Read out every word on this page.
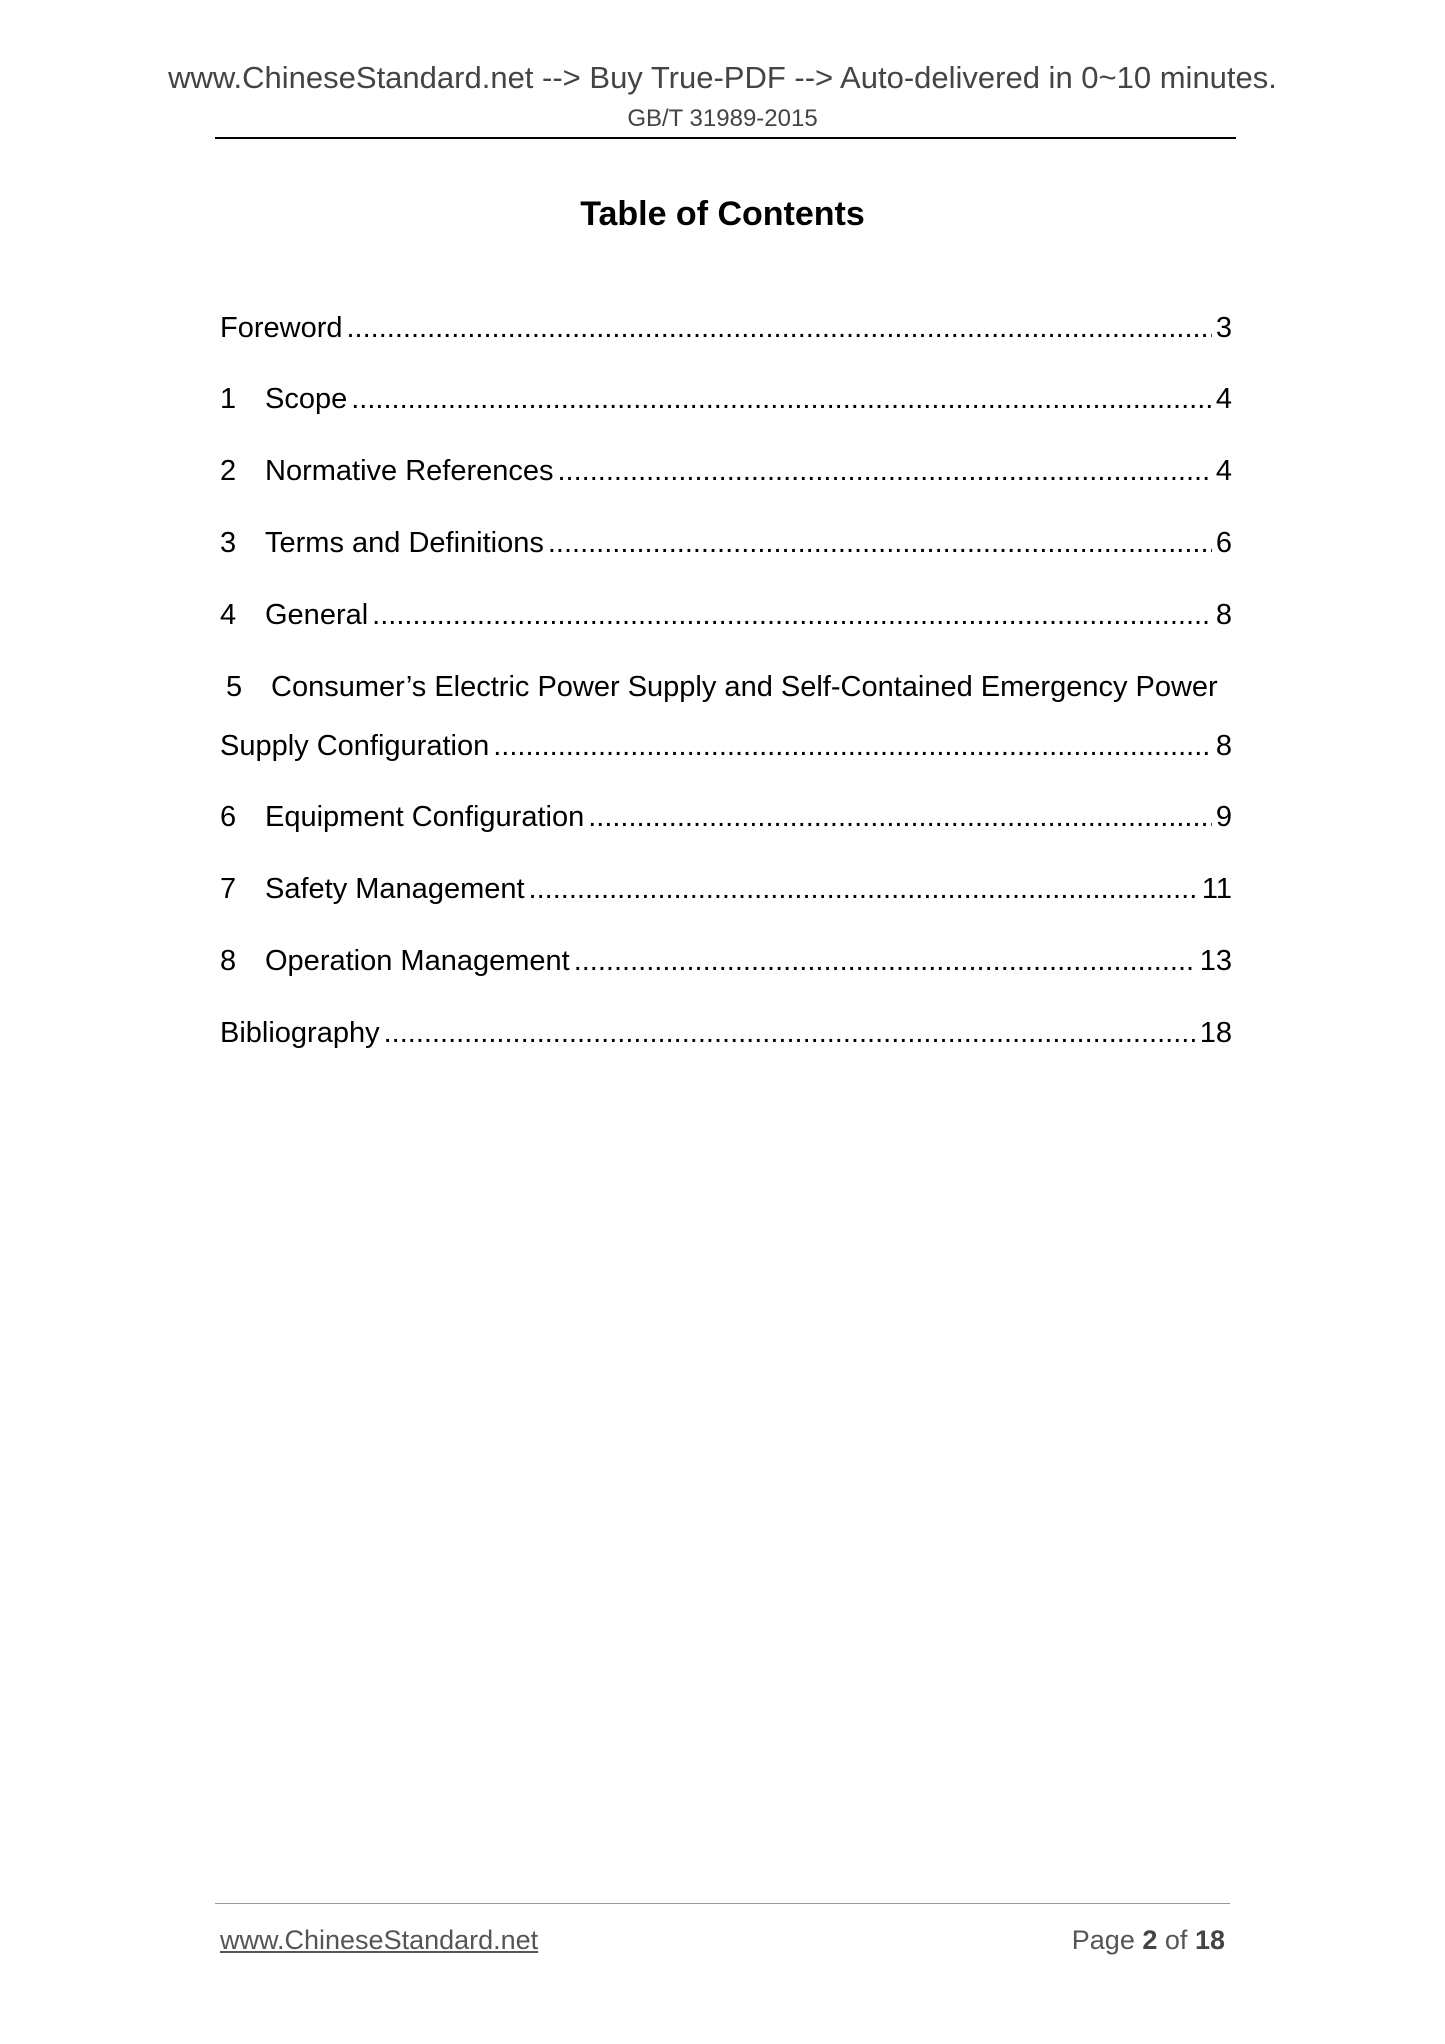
www.ChineseStandard.net --> Buy True-PDF --> Auto-delivered in 0~10 minutes.
GB/T 31989-2015
Table of Contents
Foreword .....	3
1 Scope .....	4
2 Normative References .....	4
3 Terms and Definitions .....	6
4 General .....	8
5 Consumer’s Electric Power Supply and Self-Contained Emergency Power
Supply Configuration .....	8
6 Equipment Configuration .....	9
7 Safety Management .....	11
8 Operation Management .....	13
Bibliography .....	18
www.ChineseStandard.net	Page 2 of 18
